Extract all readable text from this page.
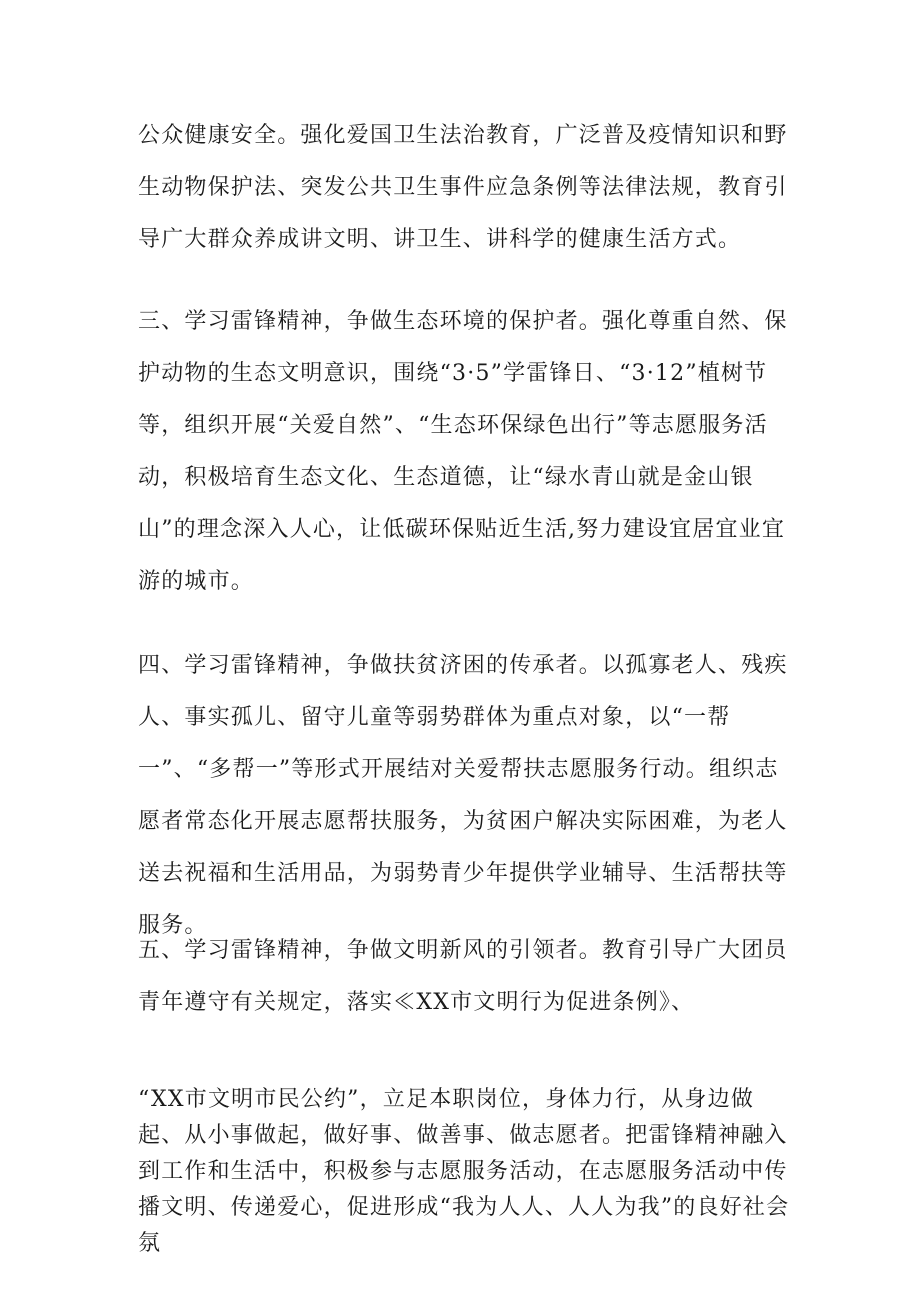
公众健康安全。强化爱国卫生法治教育，广泛普及疫情知识和野生动物保护法、突发公共卫生事件应急条例等法律法规，教育引导广大群众养成讲文明、讲卫生、讲科学的健康生活方式。

三、学习雷锋精神，争做生态环境的保护者。强化尊重自然、保护动物的生态文明意识，围绕“3·5”学雷锋日、“3·12”植树节等，组织开展“关爱自然”、“生态环保绿色出行”等志愿服务活动，积极培育生态文化、生态道德，让“绿水青山就是金山银山”的理念深入人心，让低碳环保贴近生活,努力建设宜居宜业宜游的城市。

四、学习雷锋精神，争做扶贫济困的传承者。以孤寡老人、残疾人、事实孤儿、留守儿童等弱势群体为重点对象，以“一帮一”、“多帮一”等形式开展结对关爱帮扶志愿服务行动。组织志愿者常态化开展志愿帮扶服务，为贫困户解决实际困难，为老人送去祝福和生活用品，为弱势青少年提供学业辅导、生活帮扶等服务。

五、学习雷锋精神，争做文明新风的引领者。教育引导广大团员青年遵守有关规定，落实≪XX市文明行为促进条例》、

“XX市文明市民公约”，立足本职岗位，身体力行，从身边做起、从小事做起，做好事、做善事、做志愿者。把雷锋精神融入到工作和生活中，积极参与志愿服务活动，在志愿服务活动中传播文明、传递爱心，促进形成“我为人人、人人为我”的良好社会氛
